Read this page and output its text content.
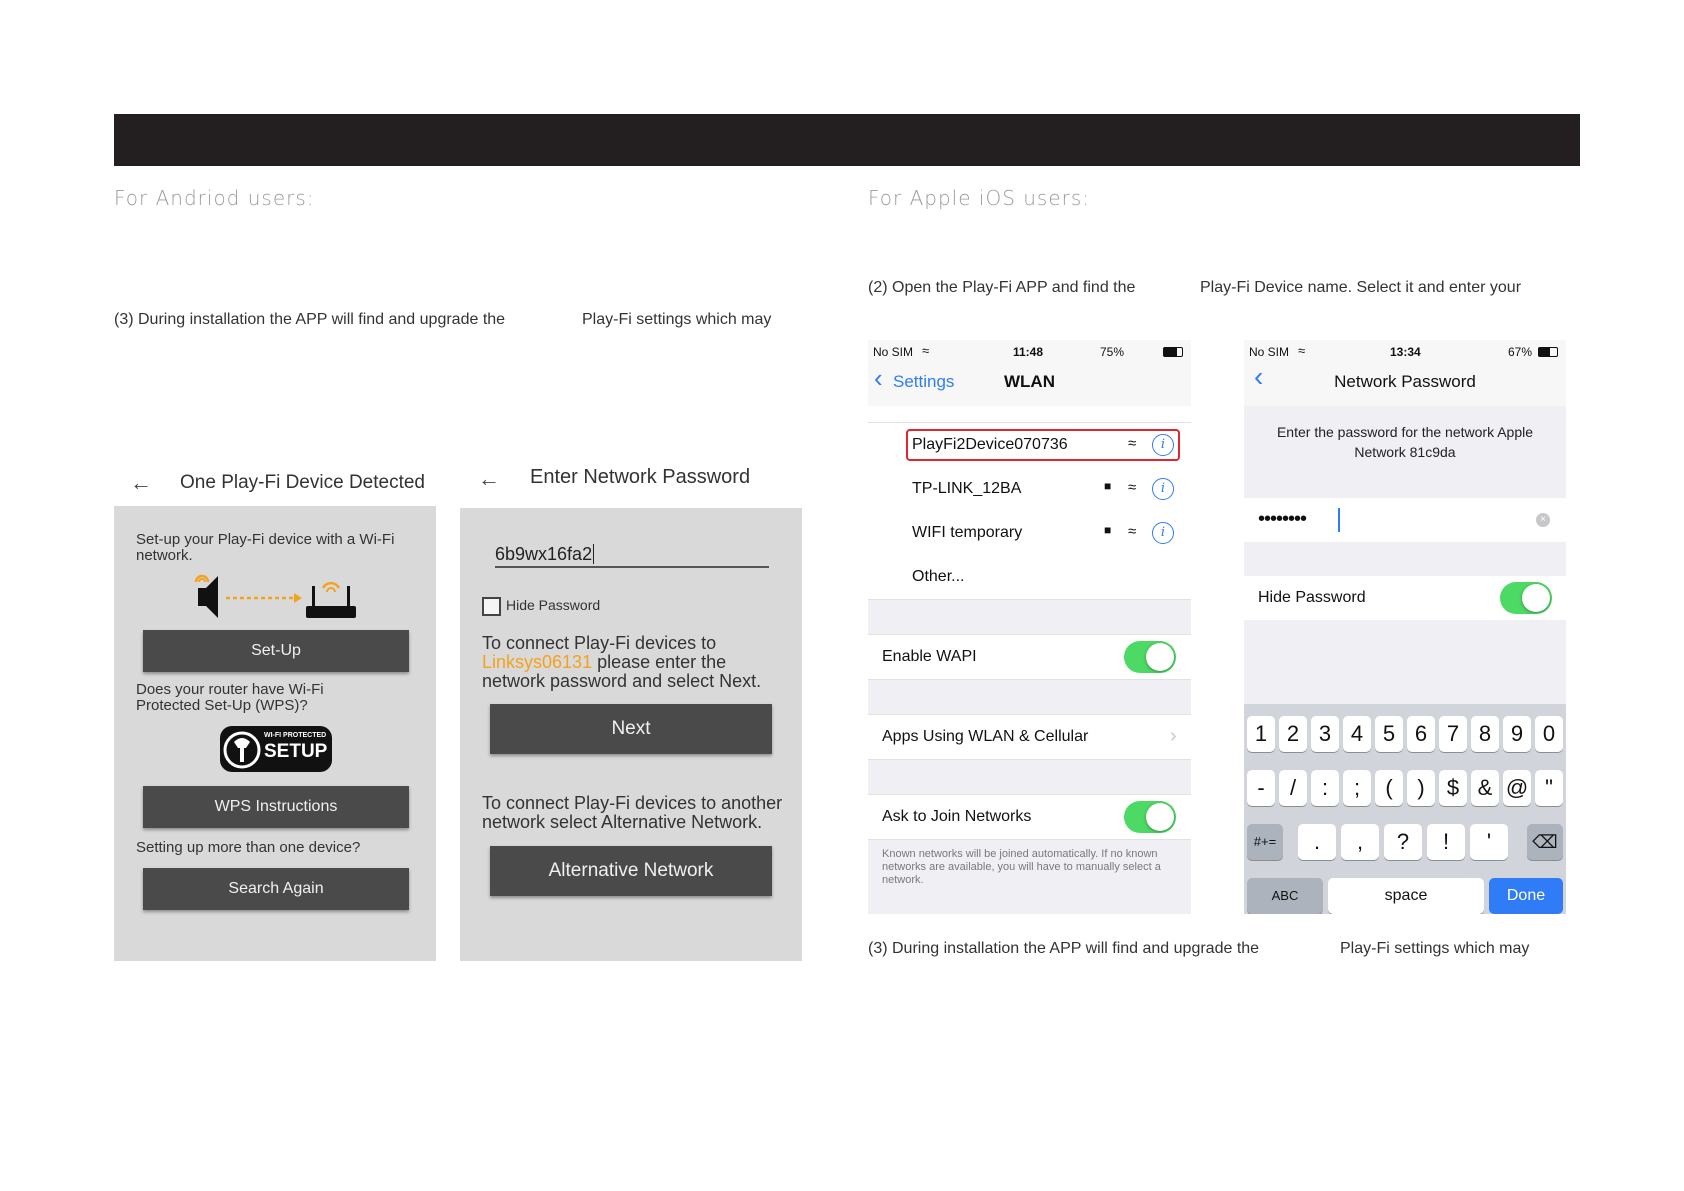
For Andriod users:	For Apple iOS users:
(3) During installation the APP will find and upgrade the	Play-Fi settings which may
(2) Open the Play-Fi APP and find the	Play-Fi Device name. Select it and enter your
(3) During installation the APP will find and upgrade the	Play-Fi settings which may
← One Play-Fi Device Detected
Set-up your Play-Fi device with a Wi-Fi network.
Set-Up
Does your router have Wi-Fi Protected Set-Up (WPS)?
WI-FI PROTECTED
SETUP
WPS Instructions
Setting up more than one device?
Search Again
← Enter Network Password
6b9wx16fa2
Hide Password
To connect Play-Fi devices to
Linksys06131 please enter the
network password and select Next.
Next
To connect Play-Fi devices to another network select Alternative Network.
Alternative Network
No SIM ≈	11:48	75%
‹ Settings	WLAN
PlayFi2Device070736	≈	i
TP-LINK_12BA	■ ≈	i
WIFI temporary	■ ≈	i
Other...
Enable WAPI
Apps Using WLAN & Cellular	›
Ask to Join Networks
Known networks will be joined automatically. If no known networks are available, you will have to manually select a network.
No SIM ≈	13:34	67%
‹	Network Password
Enter the password for the network Apple Network 81c9da
••••••••	×
Hide Password
1 2 3 4 5 6 7 8 9 0
-	/	:	;	(	)	$ & @ "
#+=	.	,	?	!	'	⌫
ABC	space	Done
